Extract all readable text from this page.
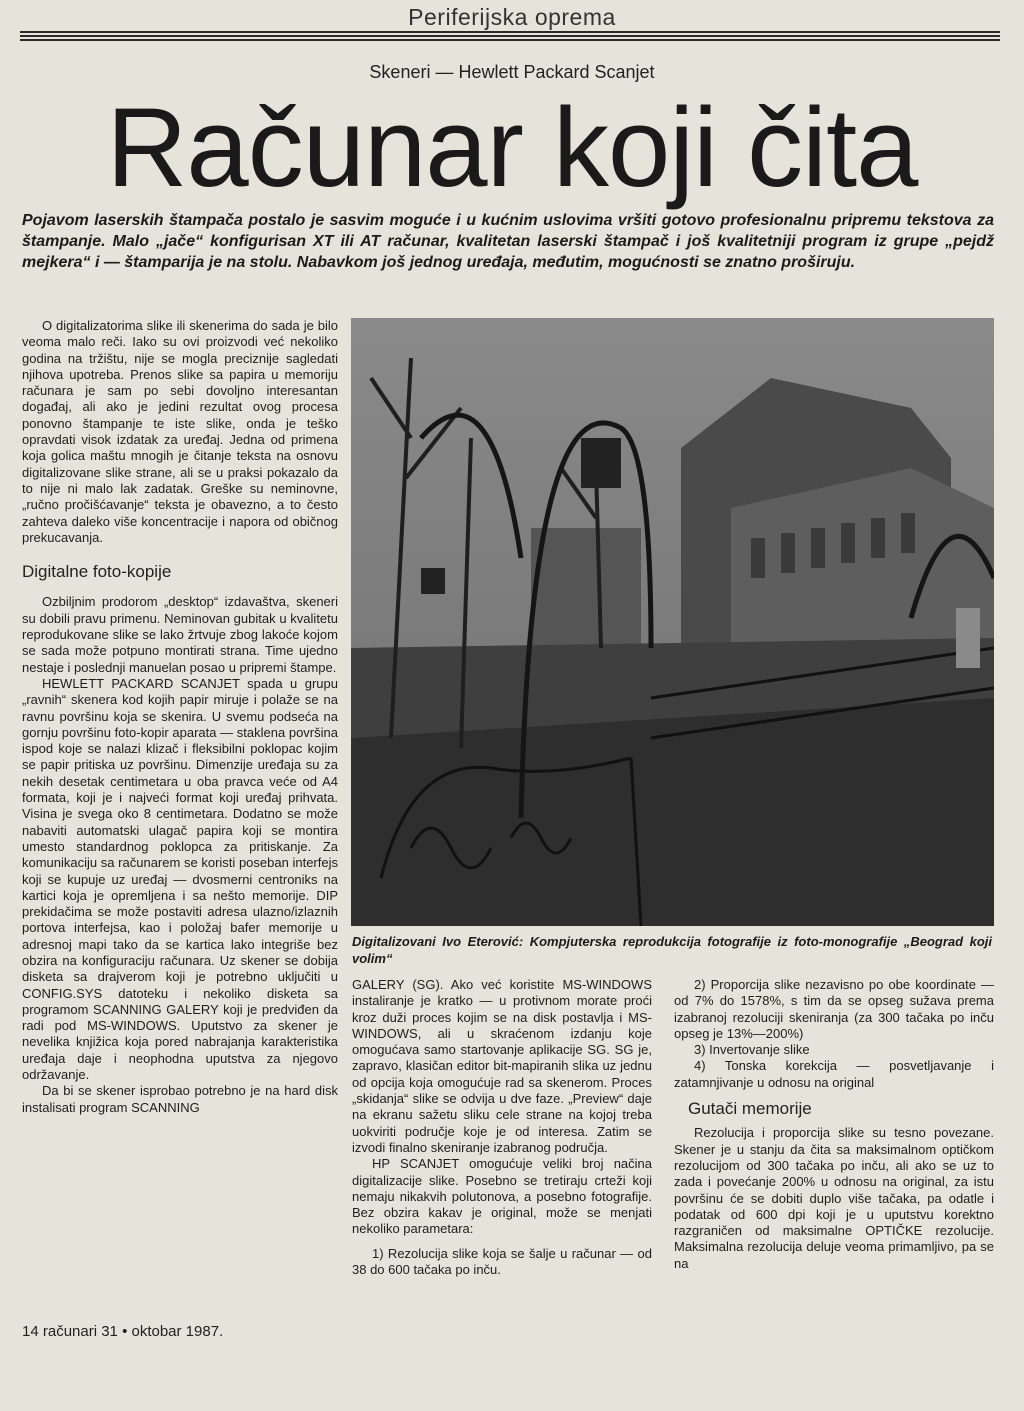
Periferijska oprema
Skeneri — Hewlett Packard Scanjet
Računar koji čita
Pojavom laserskih štampača postalo je sasvim moguće i u kućnim uslovima vršiti gotovo profesionalnu pripremu tekstova za štampanje. Malo „jače“ konfigurisan XT ili AT računar, kvalitetan laserski štampač i još kvalitetniji program iz grupe „pejdž mejkera“ i — štamparija je na stolu. Nabavkom još jednog uređaja, međutim, mogućnosti se znatno proširuju.

O digitalizatorima slike ili skenerima do sada je bilo veoma malo reči. Iako su ovi proizvodi već nekoliko godina na tržištu, nije se mogla preciznije sagledati njihova upotreba. Prenos slike sa papira u memoriju računara je sam po sebi dovoljno interesantan događaj, ali ako je jedini rezultat ovog procesa ponovno štampanje te iste slike, onda je teško opravdati visok izdatak za uređaj. Jedna od primena koja golica maštu mnogih je čitanje teksta na osnovu digitalizovane slike strane, ali se u praksi pokazalo da to nije ni malo lak zadatak. Greške su neminovne, „ručno pročišćavanje“ teksta je obavezno, a to često zahteva daleko više koncentracije i napora od običnog prekucavanja.

Digitalne foto-kopije

Ozbiljnim prodorom „desktop“ izdavaštva, skeneri su dobili pravu primenu. Neminovan gubitak u kvalitetu reprodukovane slike se lako žrtvuje zbog lakoće kojom se sada može potpuno montirati strana. Time ujedno nestaje i poslednji manuelan posao u pripremi štampe.

HEWLETT PACKARD SCANJET spada u grupu „ravnih“ skenera kod kojih papir miruje i polaže se na ravnu površinu koja se skenira. U svemu podseća na gornju površinu foto-kopir aparata — staklena površina ispod koje se nalazi klizač i fleksibilni poklopac kojim se papir pritiska uz površinu. Dimenzije uređaja su za nekih desetak centimetara u oba pravca veće od A4 formata, koji je i najveći format koji uređaj prihvata. Visina je svega oko 8 centimetara. Dodatno se može nabaviti automatski ulagač papira koji se montira umesto standardnog poklopca za pritiskanje. Za komunikaciju sa računarem se koristi poseban interfejs koji se kupuje uz uređaj — dvosmerni centroniks na kartici koja je opremljena i sa nešto memorije. DIP prekidačima se može postaviti adresa ulazno/izlaznih portova interfejsa, kao i položaj bafer memorije u adresnoj mapi tako da se kartica lako integriše bez obzira na konfiguraciju računara. Uz skener se dobija disketa sa drajverom koji je potrebno uključiti u CONFIG.SYS datoteku i nekoliko disketa sa programom SCANNING GALERY koji je predviđen da radi pod MS-WINDOWS. Uputstvo za skener je nevelika knjižica koja pored nabrajanja karakteristika uređaja daje i neophodna uputstva za njegovo održavanje.

Da bi se skener isprobao potrebno je na hard disk instalisati program SCANNING

Digitalizovani Ivo Eterović: Kompjuterska reprodukcija fotografije iz foto-monografije „Beograd koji volim“

GALERY (SG). Ako već koristite MS-WINDOWS instaliranje je kratko — u protivnom morate proći kroz duži proces kojim se na disk postavlja i MS-WINDOWS, ali u skraćenom izdanju koje omogućava samo startovanje aplikacije SG. SG je, zapravo, klasičan editor bit-mapiranih slika uz jednu od opcija koja omogućuje rad sa skenerom. Proces „skidanja“ slike se odvija u dve faze. „Preview“ daje na ekranu sažetu sliku cele strane na kojoj treba uokviriti područje koje je od interesa. Zatim se izvodi finalno skeniranje izabranog područja.

HP SCANJET omogućuje veliki broj načina digitalizacije slike. Posebno se tretiraju crteži koji nemaju nikakvih polutonova, a posebno fotografije. Bez obzira kakav je original, može se menjati nekoliko parametara:

1) Rezolucija slike koja se šalje u računar — od 38 do 600 tačaka po inču.

2) Proporcija slike nezavisno po obe koordinate — od 7% do 1578%, s tim da se opseg sužava prema izabranoj rezoluciji skeniranja (za 300 tačaka po inču opseg je 13%—200%)

3) Invertovanje slike

4) Tonska korekcija — posvetljavanje i zatamnjivanje u odnosu na original

Gutači memorije

Rezolucija i proporcija slike su tesno povezane. Skener je u stanju da čita sa maksimalnom optičkom rezolucijom od 300 tačaka po inču, ali ako se uz to zada i povećanje 200% u odnosu na original, za istu površinu će se dobiti duplo više tačaka, pa odatle i podatak od 600 dpi koji je u uputstvu korektno razgraničen od maksimalne OPTIČKE rezolucije. Maksimalna rezolucija deluje veoma primamljivo, pa se na

14 računari 31 • oktobar 1987.
